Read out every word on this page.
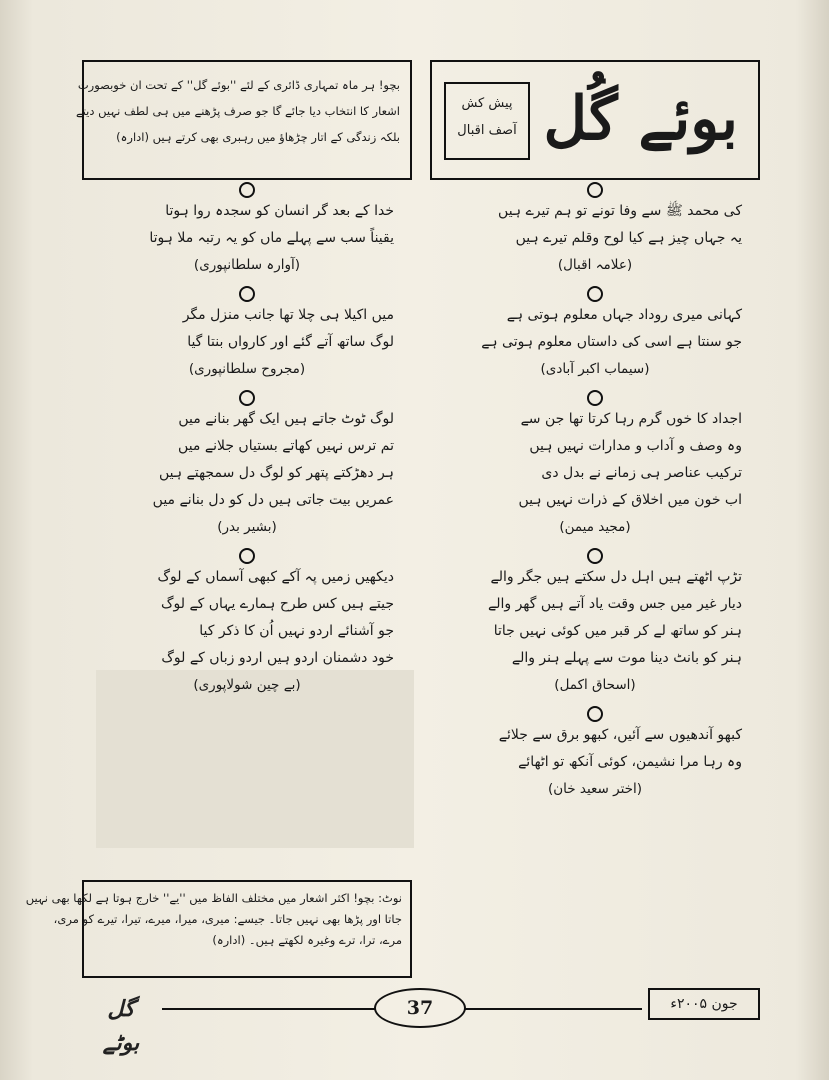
بچو! ہر ماہ تمہاری ڈائری کے لئے ''بوئے گل'' کے تحت ان خوبصورت
اشعار کا انتخاب دیا جائے گا جو صرف پڑھنے میں ہی لطف نہیں دیتے
بلکہ زندگی کے اتار چڑھاؤ میں رہبری بھی کرتے ہیں (ادارہ) بوئے گُل
پیش کش
آصف اقبال
کی محمد ﷺ سے وفا تونے تو ہم تیرے ہیں
یہ جہاں چیز ہے کیا لوح وقلم تیرے ہیں
(علامہ اقبال)
کہانی میری روداد جہاں معلوم ہوتی ہے
جو سنتا ہے اسی کی داستاں معلوم ہوتی ہے
(سیماب اکبر آبادی)
اجداد کا خوں گرم رہا کرتا تھا جن سے
وہ وصف و آداب و مدارات نہیں ہیں
ترکیب عناصر ہی زمانے نے بدل دی
اب خون میں اخلاق کے ذرات نہیں ہیں
(مجید میمن)
تڑپ اٹھتے ہیں اہل دل سکتے ہیں جگر والے
دیار غیر میں جس وقت یاد آتے ہیں گھر والے
ہنر کو ساتھ لے کر قبر میں کوئی نہیں جاتا
ہنر کو بانٹ دینا موت سے پہلے ہنر والے
(اسحاق اکمل)
کبھو آندھیوں سے آئیں، کبھو برق سے جلائے
وہ رہا مرا نشیمن، کوئی آنکھ تو اٹھائے
(اختر سعید خان)
خدا کے بعد گر انسان کو سجدہ روا ہوتا
یقیناً سب سے پہلے ماں کو یہ رتبہ ملا ہوتا
(آوارہ سلطانپوری)
میں اکیلا ہی چلا تھا جانب منزل مگر
لوگ ساتھ آتے گئے اور کارواں بنتا گیا
(مجروح سلطانپوری)
لوگ ٹوٹ جاتے ہیں ایک گھر بنانے میں
تم ترس نہیں کھاتے بستیاں جلانے میں
ہر دھڑکتے پتھر کو لوگ دل سمجھتے ہیں
عمریں بیت جاتی ہیں دل کو دل بنانے میں
(بشیر بدر)
دیکھیں زمیں پہ آکے کبھی آسماں کے لوگ
جیتے ہیں کس طرح ہمارے یہاں کے لوگ
جو آشنائے اردو نہیں اُن کا ذکر کیا
خود دشمنان اردو ہیں اردو زباں کے لوگ
(بے چین شولاپوری)
نوٹ: بچو! اکثر اشعار میں مختلف الفاظ میں ''یے'' خارج ہوتا ہے لکھا بھی نہیں
جاتا اور پڑھا بھی نہیں جاتا۔ جیسے: میری، میرا، میرے، تیرا، تیرے کو مری،
مرے، ترا، ترے وغیرہ لکھتے ہیں۔ (ادارہ)
گل بوٹے
37	جون ۲۰۰۵ء
